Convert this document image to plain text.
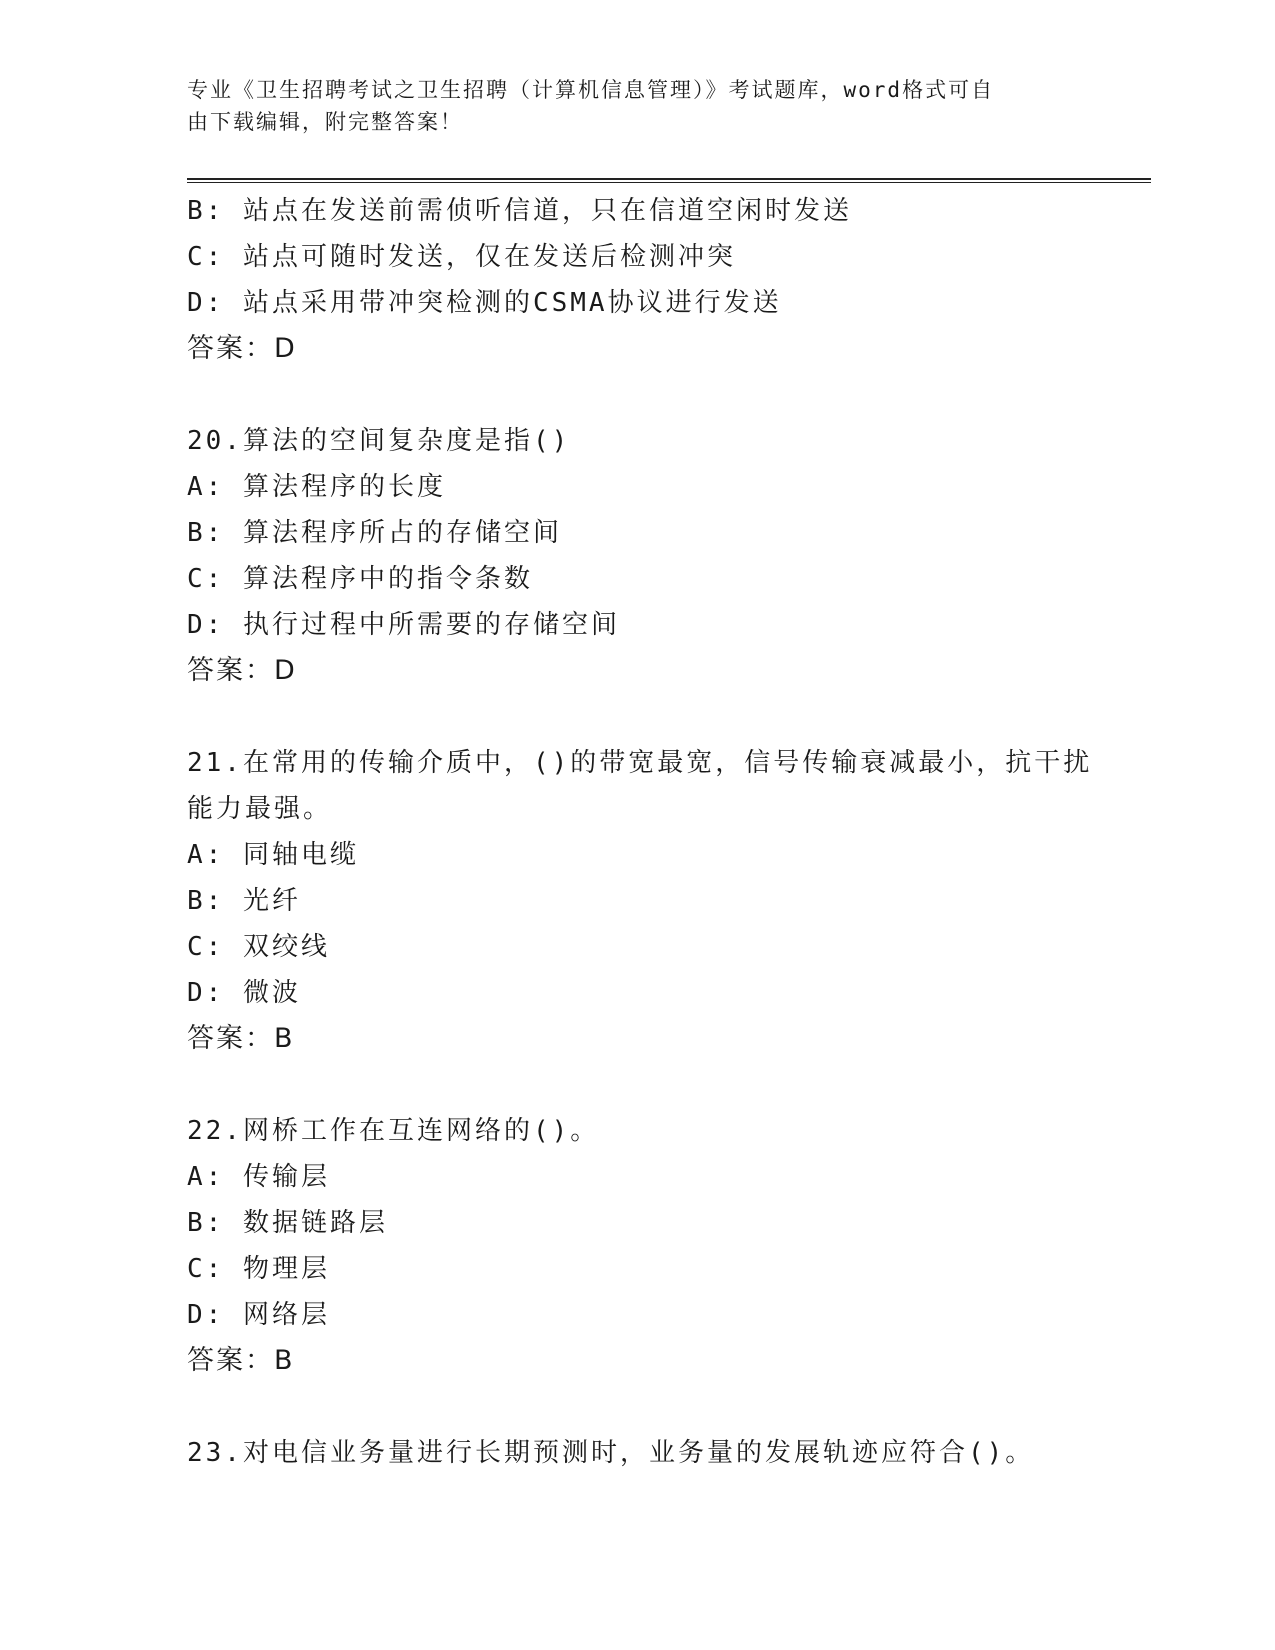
专业《卫生招聘考试之卫生招聘（计算机信息管理）》考试题库，word格式可自
由下载编辑，附完整答案！
B: 站点在发送前需侦听信道，只在信道空闲时发送
C: 站点可随时发送，仅在发送后检测冲突
D: 站点采用带冲突检测的CSMA协议进行发送
答案：D
20.算法的空间复杂度是指()
A: 算法程序的长度
B: 算法程序所占的存储空间
C: 算法程序中的指令条数
D: 执行过程中所需要的存储空间
答案：D
21.在常用的传输介质中，()的带宽最宽，信号传输衰减最小，抗干扰
能力最强。
A: 同轴电缆
B: 光纤
C: 双绞线
D: 微波
答案：B
22.网桥工作在互连网络的()。
A: 传输层
B: 数据链路层
C: 物理层
D: 网络层
答案：B
23.对电信业务量进行长期预测时，业务量的发展轨迹应符合()。
